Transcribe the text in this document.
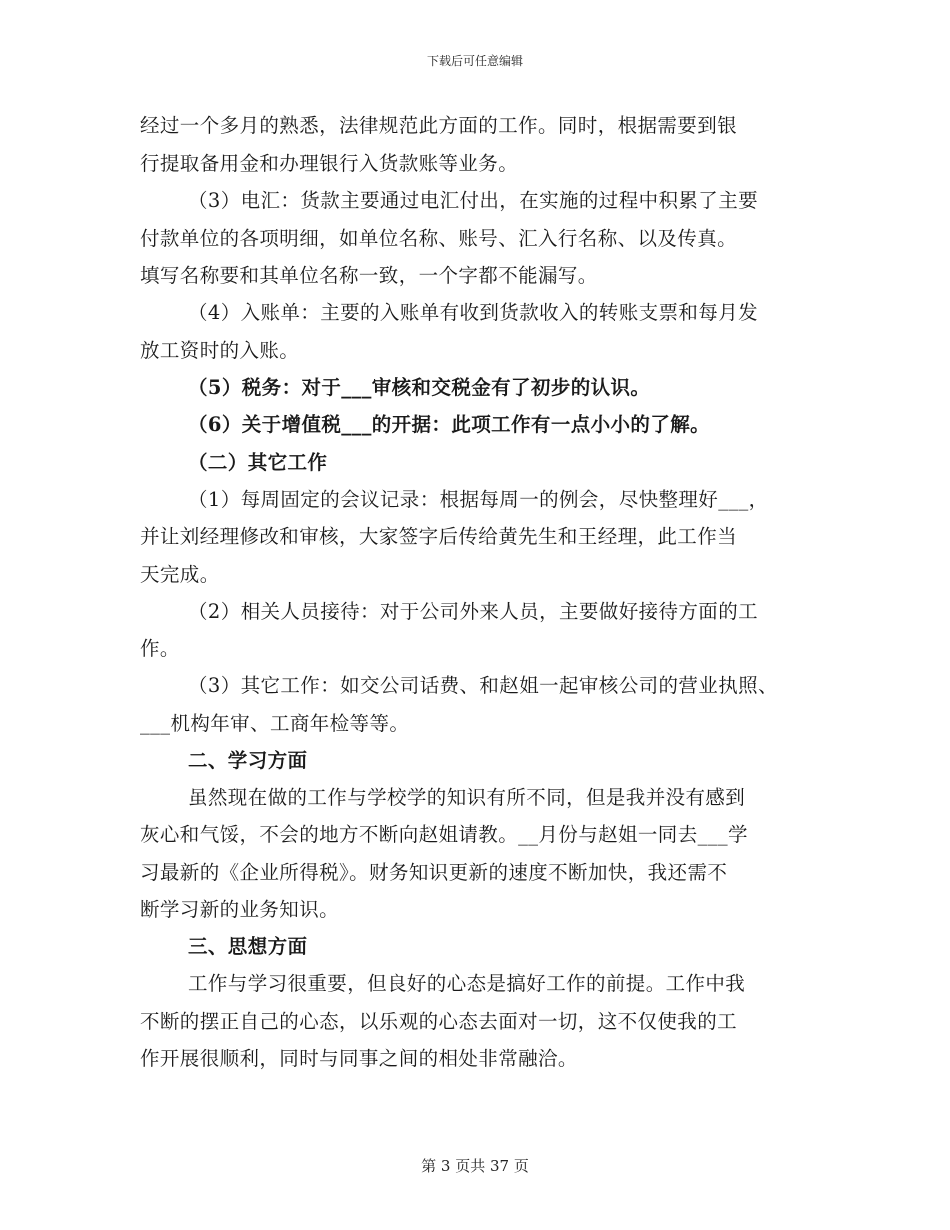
下载后可任意编辑
经过一个多月的熟悉，法律规范此方面的工作。同时，根据需要到银
行提取备用金和办理银行入货款账等业务。
（3）电汇：货款主要通过电汇付出，在实施的过程中积累了主要
付款单位的各项明细，如单位名称、账号、汇入行名称、以及传真。
填写名称要和其单位名称一致，一个字都不能漏写。
（4）入账单：主要的入账单有收到货款收入的转账支票和每月发
放工资时的入账。
（5）税务：对于___审核和交税金有了初步的认识。
（6）关于增值税___的开据：此项工作有一点小小的了解。
（二）其它工作
（1）每周固定的会议记录：根据每周一的例会，尽快整理好___，
并让刘经理修改和审核，大家签字后传给黄先生和王经理，此工作当
天完成。
（2）相关人员接待：对于公司外来人员，主要做好接待方面的工
作。
（3）其它工作：如交公司话费、和赵姐一起审核公司的营业执照、
___机构年审、工商年检等等。
二、学习方面
虽然现在做的工作与学校学的知识有所不同，但是我并没有感到
灰心和气馁，不会的地方不断向赵姐请教。__月份与赵姐一同去___学
习最新的《企业所得税》。财务知识更新的速度不断加快，我还需不
断学习新的业务知识。
三、思想方面
工作与学习很重要，但良好的心态是搞好工作的前提。工作中我
不断的摆正自己的心态，以乐观的心态去面对一切，这不仅使我的工
作开展很顺利，同时与同事之间的相处非常融洽。
第 3 页共 37 页
